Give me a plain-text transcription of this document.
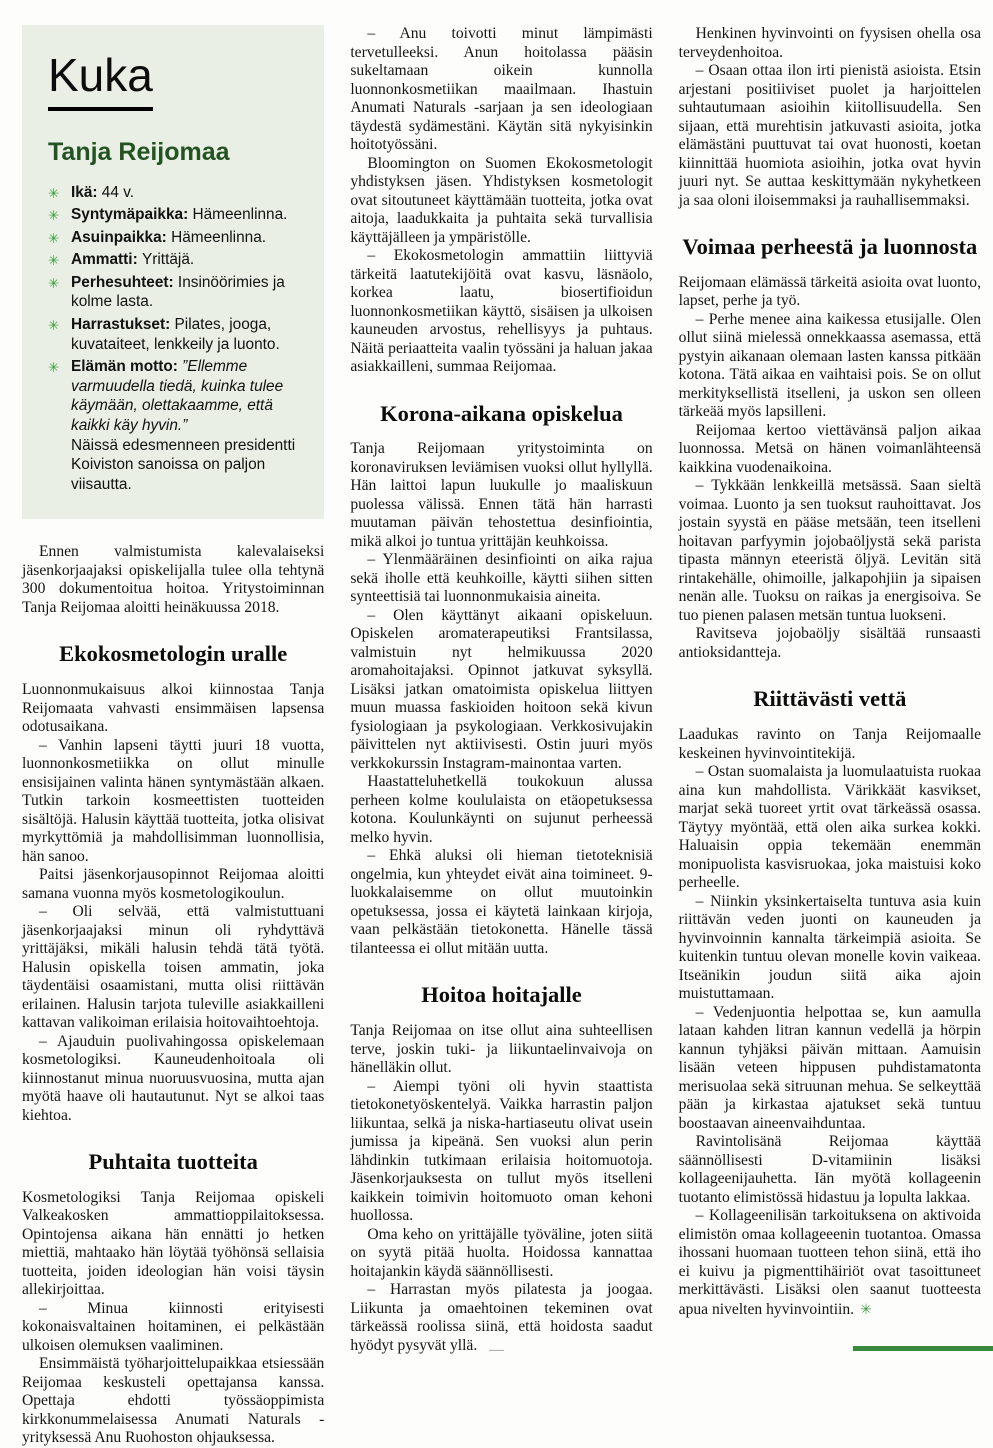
Kuka
Tanja Reijomaa
✳ Ikä: 44 v.
✳ Syntymäpaikka: Hämeenlinna.
✳ Asuinpaikka: Hämeenlinna.
✳ Ammatti: Yrittäjä.
✳ Perhesuhteet: Insinöörimies ja kolme lasta.
✳ Harrastukset: Pilates, jooga, kuvataiteet, lenkkeily ja luonto.
✳ Elämän motto: ”Ellemme varmuudella tiedä, kuinka tulee käymään, olettakaamme, että kaikki käy hyvin.”
Näissä edesmenneen presidentti Koiviston sanoissa on paljon viisautta.

Ennen valmistumista kalevalaiseksi jäsenkorjaajaksi opiskelijalla tulee olla tehtynä 300 dokumentoitua hoitoa. Yritystoiminnan Tanja Reijomaa aloitti heinäkuussa 2018.

Ekokosmetologin uralle

Luonnonmukaisuus alkoi kiinnostaa Tanja Reijomaata vahvasti ensimmäisen lapsensa odotusaikana.

– Vanhin lapseni täytti juuri 18 vuotta, luonnonkosmetiikka on ollut minulle ensisijainen valinta hänen syntymästään alkaen. Tutkin tarkoin kosmeettisten tuotteiden sisältöjä. Halusin käyttää tuotteita, jotka olisivat myrkyttömiä ja mahdollisimman luonnollisia, hän sanoo.

Paitsi jäsenkorjausopinnot Reijomaa aloitti samana vuonna myös kosmetologikoulun.

– Oli selvää, että valmistuttuani jäsenkorjaajaksi minun oli ryhdyttävä yrittäjäksi, mikäli halusin tehdä tätä työtä. Halusin opiskella toisen ammatin, joka täydentäisi osaamistani, mutta olisi riittävän erilainen. Halusin tarjota tuleville asiakkailleni kattavan valikoiman erilaisia hoitovaihtoehtoja.

– Ajauduin puolivahingossa opiskelemaan kosmetologiksi. Kauneudenhoitoala oli kiinnostanut minua nuoruusvuosina, mutta ajan myötä haave oli hautautunut. Nyt se alkoi taas kiehtoa.

Puhtaita tuotteita

Kosmetologiksi Tanja Reijomaa opiskeli Valkeakosken ammattioppilaitoksessa. Opintojensa aikana hän ennätti jo hetken miettiä, mahtaako hän löytää työhönsä sellaisia tuotteita, joiden ideologian hän voisi täysin allekirjoittaa.

– Minua kiinnosti erityisesti kokonaisvaltainen hoitaminen, ei pelkästään ulkoisen olemuksen vaaliminen.

Ensimmäistä työharjoittelupaikkaa etsiessään Reijomaa keskusteli opettajansa kanssa. Opettaja ehdotti työssäoppimista kirkkonummelaisessa Anumati Naturals -yrityksessä Anu Ruohoston ohjauksessa.

– Anu toivotti minut lämpimästi tervetulleeksi. Anun hoitolassa pääsin sukeltamaan oikein kunnolla luonnonkosmetiikan maailmaan. Ihastuin Anumati Naturals -sarjaan ja sen ideologiaan täydestä sydämestäni. Käytän sitä nykyisinkin hoitotyössäni.

Bloomington on Suomen Ekokosmetologit yhdistyksen jäsen. Yhdistyksen kosmetologit ovat sitoutuneet käyttämään tuotteita, jotka ovat aitoja, laadukkaita ja puhtaita sekä turvallisia käyttäjälleen ja ympäristölle.

– Ekokosmetologin ammattiin liittyviä tärkeitä laatutekijöitä ovat kasvu, läsnäolo, korkea laatu, biosertifioidun luonnonkosmetiikan käyttö, sisäisen ja ulkoisen kauneuden arvostus, rehellisyys ja puhtaus. Näitä periaatteita vaalin työssäni ja haluan jakaa asiakkailleni, summaa Reijomaa.

Korona-aikana opiskelua

Tanja Reijomaan yritystoiminta on koronaviruksen leviämisen vuoksi ollut hyllyllä. Hän laittoi lapun luukulle jo maaliskuun puolessa välissä. Ennen tätä hän harrasti muutaman päivän tehostettua desinfiointia, mikä alkoi jo tuntua yrittäjän keuhkoissa.

– Ylenmääräinen desinfiointi on aika rajua sekä iholle että keuhkoille, käytti siihen sitten synteettisiä tai luonnonmukaisia aineita.

– Olen käyttänyt aikaani opiskeluun. Opiskelen aromaterapeutiksi Frantsilassa, valmistuin nyt helmikuussa 2020 aromahoitajaksi. Opinnot jatkuvat syksyllä. Lisäksi jatkan omatoimista opiskelua liittyen muun muassa faskioiden hoitoon sekä kivun fysiologiaan ja psykologiaan. Verkkosivujakin päivittelen nyt aktiivisesti. Ostin juuri myös verkkokurssin Instagram-mainontaa varten.

Haastatteluhetkellä toukokuun alussa perheen kolme koululaista on etäopetuksessa kotona. Koulunkäynti on sujunut perheessä melko hyvin.

– Ehkä aluksi oli hieman tietoteknisiä ongelmia, kun yhteydet eivät aina toimineet. 9-luokkalaisemme on ollut muutoinkin opetuksessa, jossa ei käytetä lainkaan kirjoja, vaan pelkästään tietokonetta. Hänelle tässä tilanteessa ei ollut mitään uutta.

Hoitoa hoitajalle

Tanja Reijomaa on itse ollut aina suhteellisen terve, joskin tuki- ja liikuntaelinvaivoja on hänelläkin ollut.

– Aiempi työni oli hyvin staattista tietokonetyöskentelyä. Vaikka harrastin paljon liikuntaa, selkä ja niska-hartiaseutu olivat usein jumissa ja kipeänä. Sen vuoksi alun perin lähdinkin tutkimaan erilaisia hoitomuotoja. Jäsenkorjauksesta on tullut myös itselleni kaikkein toimivin hoitomuoto oman kehoni huollossa.

Oma keho on yrittäjälle työväline, joten siitä on syytä pitää huolta. Hoidossa kannattaa hoitajankin käydä säännöllisesti.

– Harrastan myös pilatesta ja joogaa. Liikunta ja omaehtoinen tekeminen ovat tärkeässä roolissa siinä, että hoidosta saadut hyödyt pysyvät yllä.

Henkinen hyvinvointi on fyysisen ohella osa terveydenhoitoa.

– Osaan ottaa ilon irti pienistä asioista. Etsin arjestani positiiviset puolet ja harjoittelen suhtautumaan asioihin kiitollisuudella. Sen sijaan, että murehtisin jatkuvasti asioita, jotka elämästäni puuttuvat tai ovat huonosti, koetan kiinnittää huomiota asioihin, jotka ovat hyvin juuri nyt. Se auttaa keskittymään nykyhetkeen ja saa oloni iloisemmaksi ja rauhallisemmaksi.

Voimaa perheestä ja luonnosta

Reijomaan elämässä tärkeitä asioita ovat luonto, lapset, perhe ja työ.

– Perhe menee aina kaikessa etusijalle. Olen ollut siinä mielessä onnekkaassa asemassa, että pystyin aikanaan olemaan lasten kanssa pitkään kotona. Tätä aikaa en vaihtaisi pois. Se on ollut merkityksellistä itselleni, ja uskon sen olleen tärkeää myös lapsilleni.

Reijomaa kertoo viettävänsä paljon aikaa luonnossa. Metsä on hänen voimanlähteensä kaikkina vuodenaikoina.

– Tykkään lenkkeillä metsässä. Saan sieltä voimaa. Luonto ja sen tuoksut rauhoittavat. Jos jostain syystä en pääse metsään, teen itselleni hoitavan parfyymin jojobaöljystä sekä parista tipasta männyn eteeristä öljyä. Levitän sitä rintakehälle, ohimoille, jalkapohjiin ja sipaisen nenän alle. Tuoksu on raikas ja energisoiva. Se tuo pienen palasen metsän tuntua luokseni.

Ravitseva jojobaöljy sisältää runsaasti antioksidantteja.

Riittävästi vettä

Laadukas ravinto on Tanja Reijomaalle keskeinen hyvinvointitekijä.

– Ostan suomalaista ja luomulaatuista ruokaa aina kun mahdollista. Värikkäät kasvikset, marjat sekä tuoreet yrtit ovat tärkeässä osassa. Täytyy myöntää, että olen aika surkea kokki. Haluaisin oppia tekemään enemmän monipuolista kasvisruokaa, joka maistuisi koko perheelle.

– Niinkin yksinkertaiselta tuntuva asia kuin riittävän veden juonti on kauneuden ja hyvinvoinnin kannalta tärkeimpiä asioita. Se kuitenkin tuntuu olevan monelle kovin vaikeaa. Itseänikin joudun siitä aika ajoin muistuttamaan.

– Vedenjuontia helpottaa se, kun aamulla lataan kahden litran kannun vedellä ja hörpin kannun tyhjäksi päivän mittaan. Aamuisin lisään veteen hippusen puhdistamatonta merisuolaa sekä sitruunan mehua. Se selkeyttää pään ja kirkastaa ajatukset sekä tuntuu boostaavan aineenvaihduntaa.

Ravintolisänä Reijomaa käyttää säännöllisesti D-vitamiinin lisäksi kollageenijauhetta. Iän myötä kollageenin tuotanto elimistössä hidastuu ja lopulta lakkaa.

– Kollageenilisän tarkoituksena on aktivoida elimistön omaa kollageeenin tuotantoa. Omassa ihossani huomaan tuotteen tehon siinä, että iho ei kuivu ja pigmenttihäiriöt ovat tasoittuneet merkittävästi. Lisäksi olen saanut tuotteesta apua nivelten hyvinvointiin. ✳

‒‒
